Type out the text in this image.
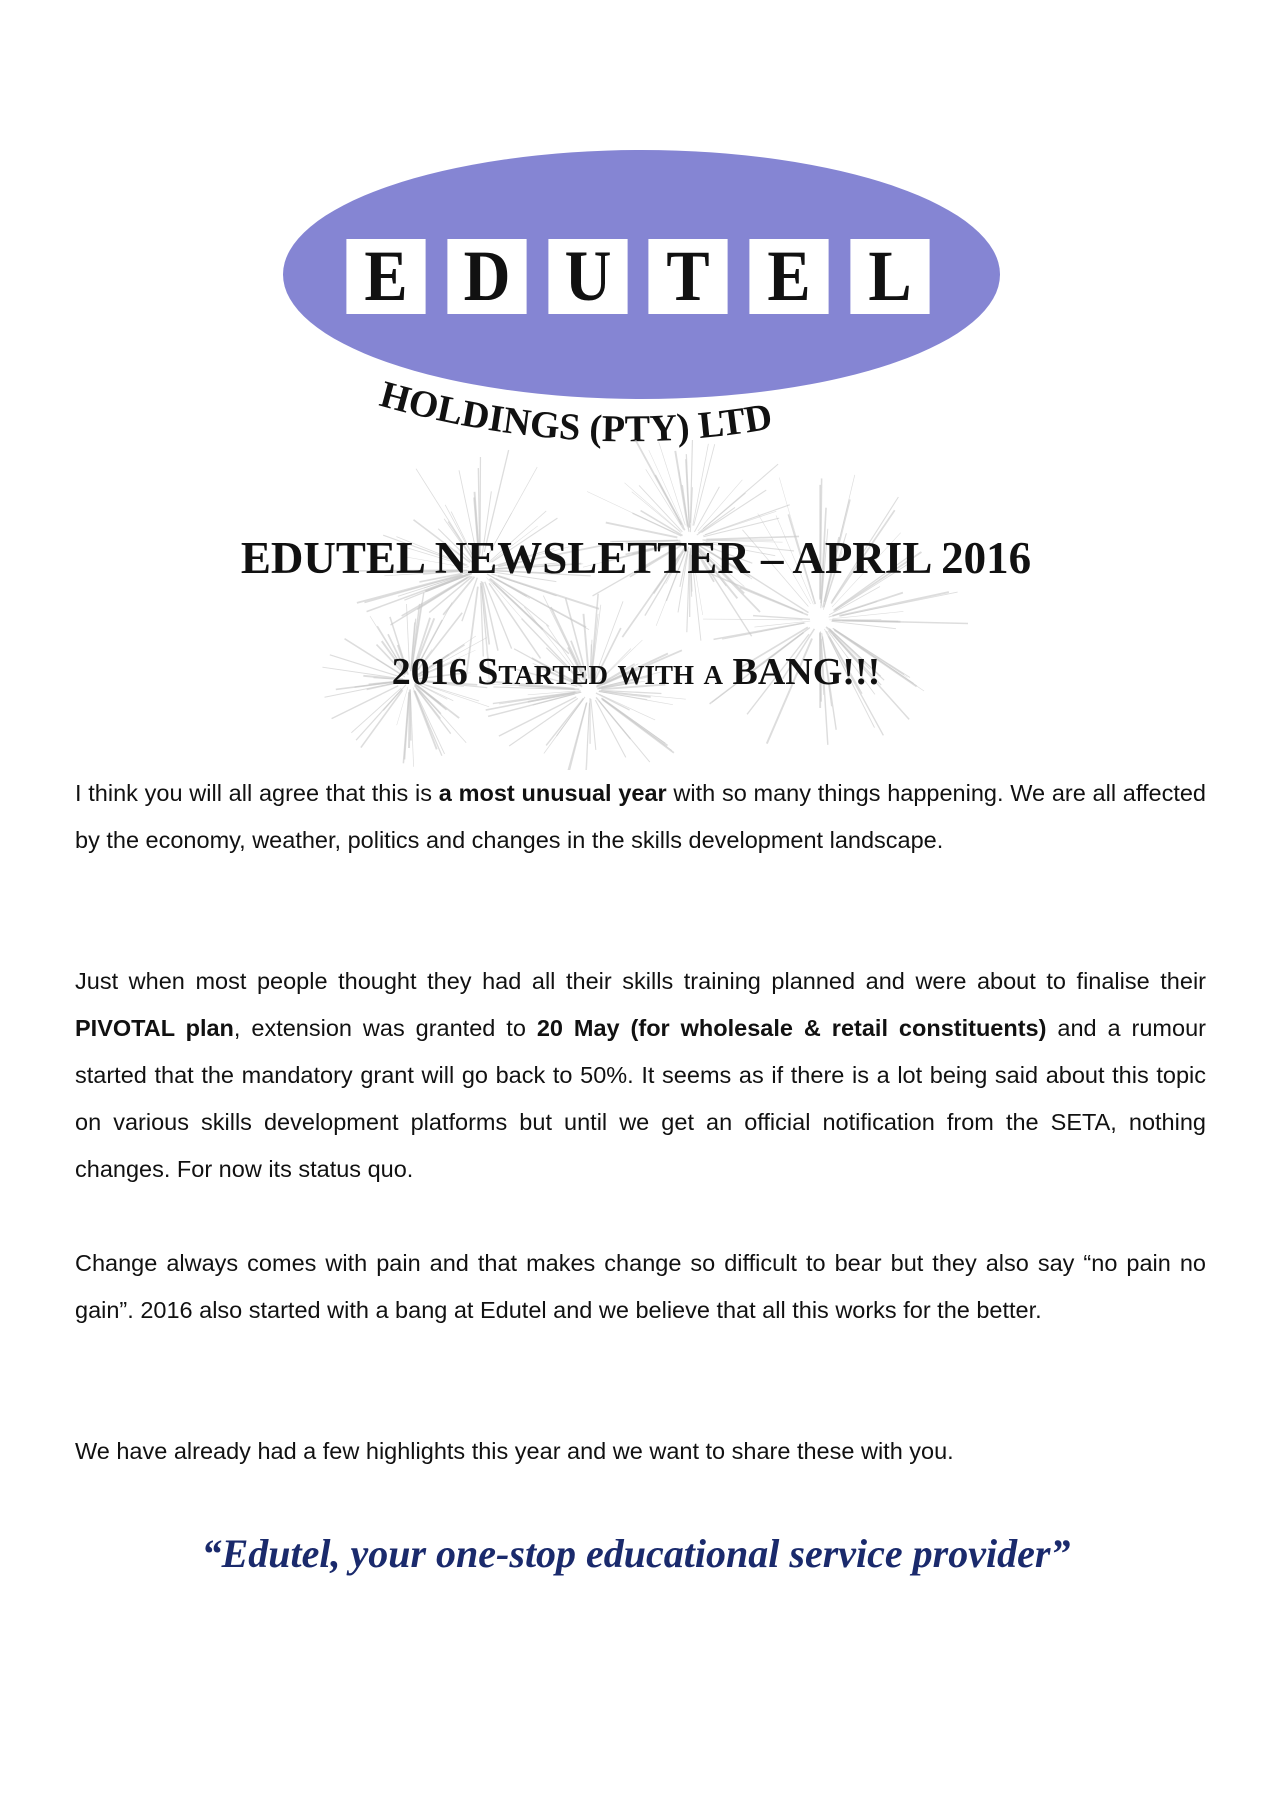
E D U T E L
HOLDINGS (PTY) LTD
EDUTEL NEWSLETTER – APRIL 2016
2016 Started with a BANG!!!
I think you will all agree that this is a most unusual year with so many things happening. We are all affected by the economy, weather, politics and changes in the skills development landscape.
Just when most people thought they had all their skills training planned and were about to finalise their PIVOTAL plan, extension was granted to 20 May (for wholesale & retail constituents) and a rumour started that the mandatory grant will go back to 50%. It seems as if there is a lot being said about this topic on various skills development platforms but until we get an official notification from the SETA, nothing changes. For now its status quo.
Change always comes with pain and that makes change so difficult to bear but they also say “no pain no gain”. 2016 also started with a bang at Edutel and we believe that all this works for the better.
We have already had a few highlights this year and we want to share these with you.
“Edutel, your one-stop educational service provider”
